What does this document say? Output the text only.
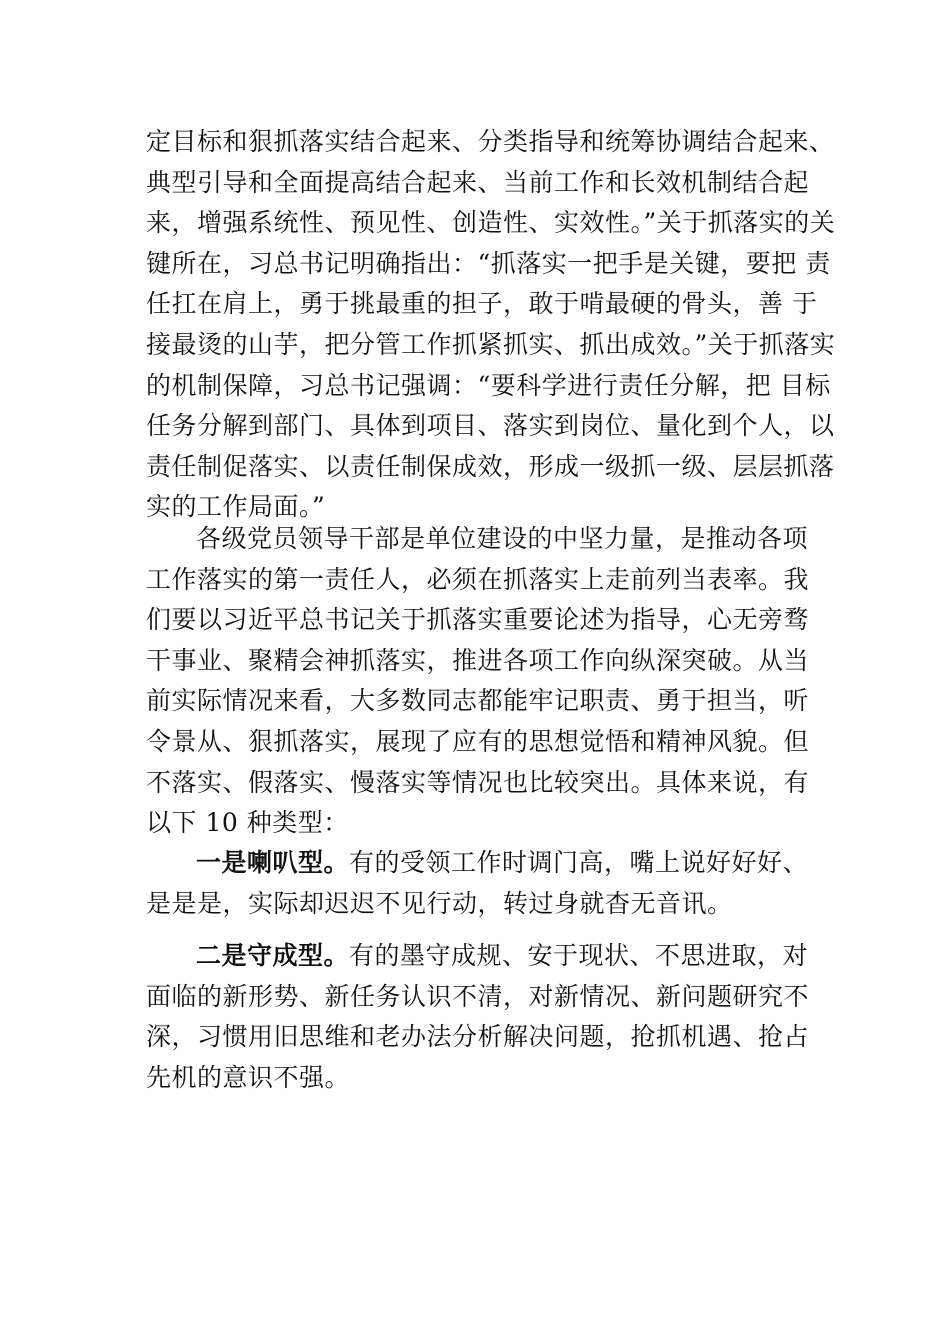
定目标和狠抓落实结合起来、分类指导和统筹协调结合起来、
典型引导和全面提高结合起来、当前工作和长效机制结合起
来，增强系统性、预见性、创造性、实效性。”关于抓落实的关
键所在，习总书记明确指出：“抓落实一把手是关键，要把 责
任扛在肩上，勇于挑最重的担子，敢于啃最硬的骨头，善 于
接最烫的山芋，把分管工作抓紧抓实、抓出成效。”关于抓落实
的机制保障，习总书记强调：“要科学进行责任分解，把 目标
任务分解到部门、具体到项目、落实到岗位、量化到个人，以
责任制促落实、以责任制保成效，形成一级抓一级、层层抓落
实的工作局面。”
各级党员领导干部是单位建设的中坚力量，是推动各项
工作落实的第一责任人，必须在抓落实上走前列当表率。我
们要以习近平总书记关于抓落实重要论述为指导，心无旁骛
干事业、聚精会神抓落实，推进各项工作向纵深突破。从当
前实际情况来看，大多数同志都能牢记职责、勇于担当，听
令景从、狠抓落实，展现了应有的思想觉悟和精神风貌。但
不落实、假落实、慢落实等情况也比较突出。具体来说，有
以下 10 种类型：
一是喇叭型。有的受领工作时调门高，嘴上说好好好、
是是是，实际却迟迟不见行动，转过身就杳无音讯。
二是守成型。有的墨守成规、安于现状、不思进取，对
面临的新形势、新任务认识不清，对新情况、新问题研究不
深，习惯用旧思维和老办法分析解决问题，抢抓机遇、抢占
先机的意识不强。
